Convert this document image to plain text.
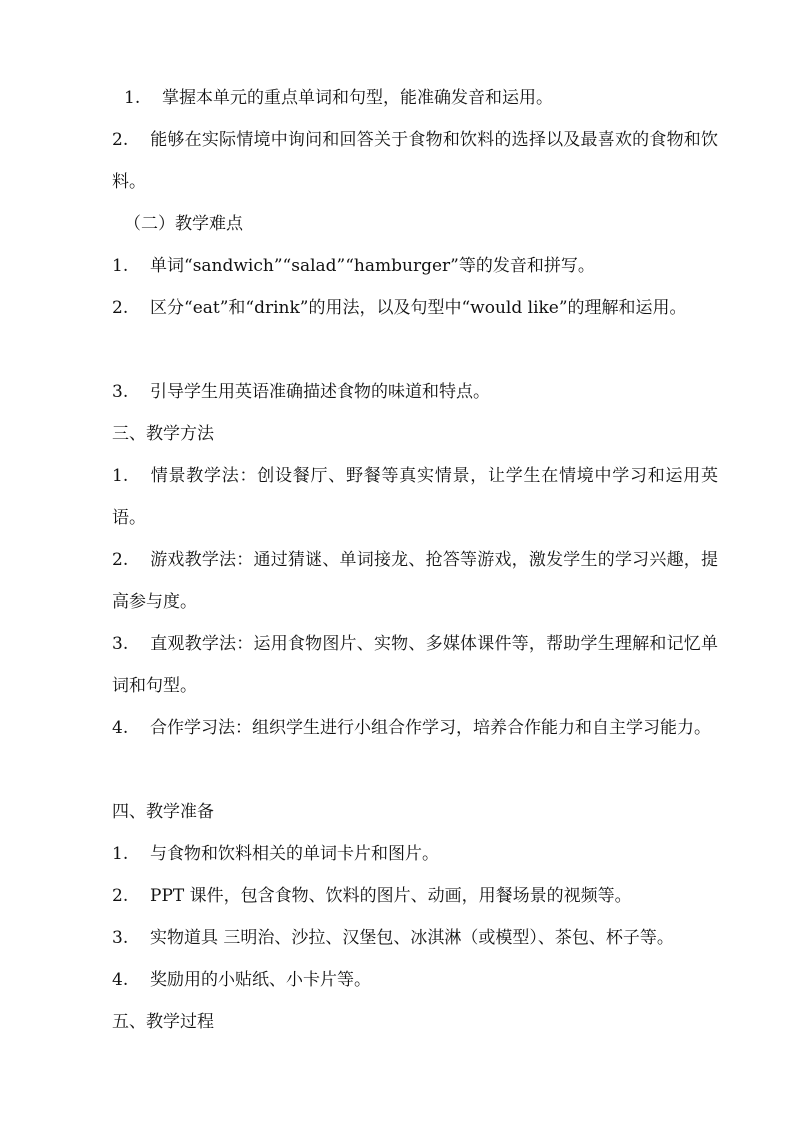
1. 掌握本单元的重点单词和句型，能准确发音和运用。

2. 能够在实际情境中询问和回答关于食物和饮料的选择以及最喜欢的食物和饮料。

（二）教学难点

1. 单词“sandwich”“salad”“hamburger”等的发音和拼写。

2. 区分“eat”和“drink”的用法，以及句型中“would like”的理解和运用。

3. 引导学生用英语准确描述食物的味道和特点。

三、教学方法

1. 情景教学法：创设餐厅、野餐等真实情景，让学生在情境中学习和运用英语。

2. 游戏教学法：通过猜谜、单词接龙、抢答等游戏，激发学生的学习兴趣，提高参与度。

3. 直观教学法：运用食物图片、实物、多媒体课件等，帮助学生理解和记忆单词和句型。

4. 合作学习法：组织学生进行小组合作学习，培养合作能力和自主学习能力。

四、教学准备

1. 与食物和饮料相关的单词卡片和图片。

2. PPT 课件，包含食物、饮料的图片、动画，用餐场景的视频等。

3. 实物道具 三明治、沙拉、汉堡包、冰淇淋（或模型）、茶包、杯子等。

4. 奖励用的小贴纸、小卡片等。

五、教学过程
